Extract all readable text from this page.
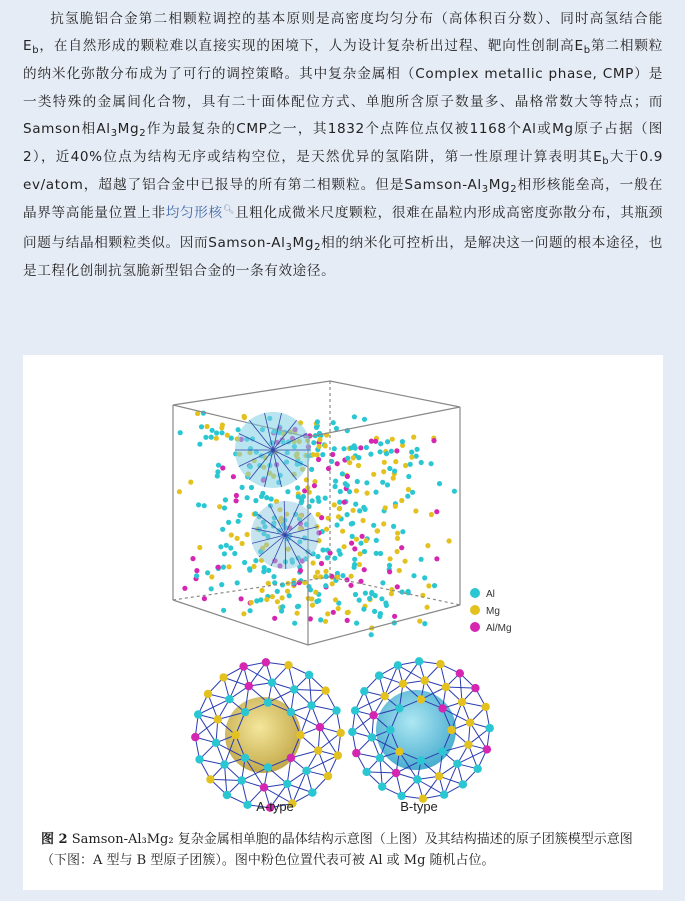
抗氢脆铝合金第二相颗粒调控的基本原则是高密度均匀分布（高体积百分数）、同时高氢结合能$E_b$，在自然形成的颗粒难以直接实现的困境下，人为设计复杂析出过程、靶向性创制高$E_b$第二相颗粒的纳米化弥散分布成为了可行的调控策略。其中复杂金属相（Complex metallic phase, CMP）是一类特殊的金属间化合物，具有二十面体配位方式、单胞所含原子数量多、晶格常数大等特点；而Samson相$Al_3Mg_2$作为最复杂的CMP之一，其1832个点阵位点仅被1168个Al或Mg原子占据（图2），近40%位点为结构无序或结构空位，是天然优异的氢陷阱，第一性原理计算表明其$E_b$大于0.9 ev/atom，超越了铝合金中已报导的所有第二相颗粒。但是Samson-$Al_3Mg_2$相形核能垒高，一般在晶界等高能量位置上非均匀形核🔍︎且粗化成微米尺度颗粒，很难在晶粒内形成高密度弥散分布，其瓶颈问题与结晶相颗粒类似。因而Samson-$Al_3Mg_2$相的纳米化可控析出，是解决这一问题的根本途径，也是工程化创制抗氢脆新型铝合金的一条有效途径。

Al
Mg
Al/Mg
A-type	B-type
图 2 Samson-Al₃Mg₂ 复杂金属相单胞的晶体结构示意图（上图）及其结构描述的原子团簇模型示意图（下图：A 型与 B 型原子团簇）。图中粉色位置代表可被 Al 或 Mg 随机占位。
